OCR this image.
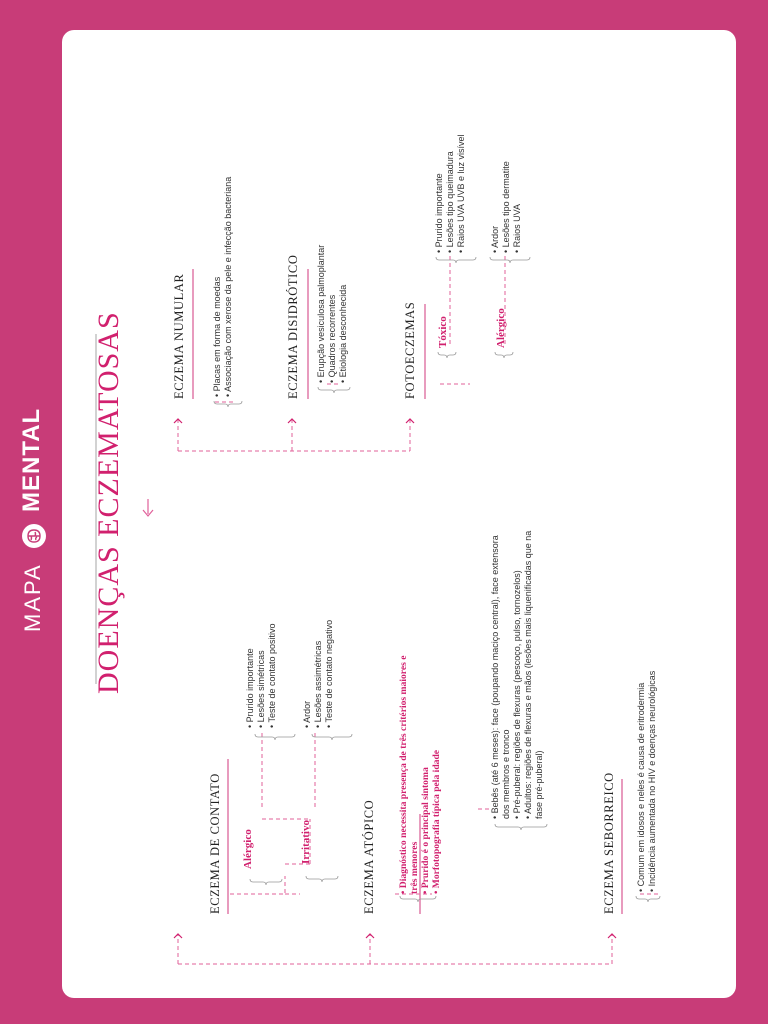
MAPA
MENTAL DOENÇAS ECZEMATOSAS
ECZEMA DE CONTATO Alérgico
• Prurido importante
• Lesões simétricas
• Teste de contato positivo
Irritativo
• Ardor
• Lesões assimétricas
• Teste de contato negativo
ECZEMA ATÓPICO • Diagnóstico necessita presença de três critérios maiores e três menores • Prurido é o principal sintoma
• Morfotopografia típica pela idade	• Bebês (até 6 meses): face (poupando maciço central), face extensora dos membros e tronco • Pré-puberal: regiões de flexuras (pescoço, pulso, tornozelos)
• Adultos: regiões de flexuras e mãos (lesões mais liquenificadas que na fase pré-puberal)	ECZEMA SEBORREICO • Comum em idosos e neles é causa de eritrodermia
• Incidência aumentada no HIV e doenças neurológicas
ECZEMA NUMULAR	• Placas em forma de moedas
• Associação com xerose da pele e infecção bacteriana	ECZEMA DISIDRÓTICO • Erupção vesiculosa palmoplantar
• Quadros recorrentes
• Etiologia desconhecida	FOTOECZEMAS Tóxico
• Prurido importante
• Lesões tipo queimadura
• Raios UVA UVB e luz visível
Alérgico
• Ardor
• Lesões tipo dermatite
• Raios UVA
